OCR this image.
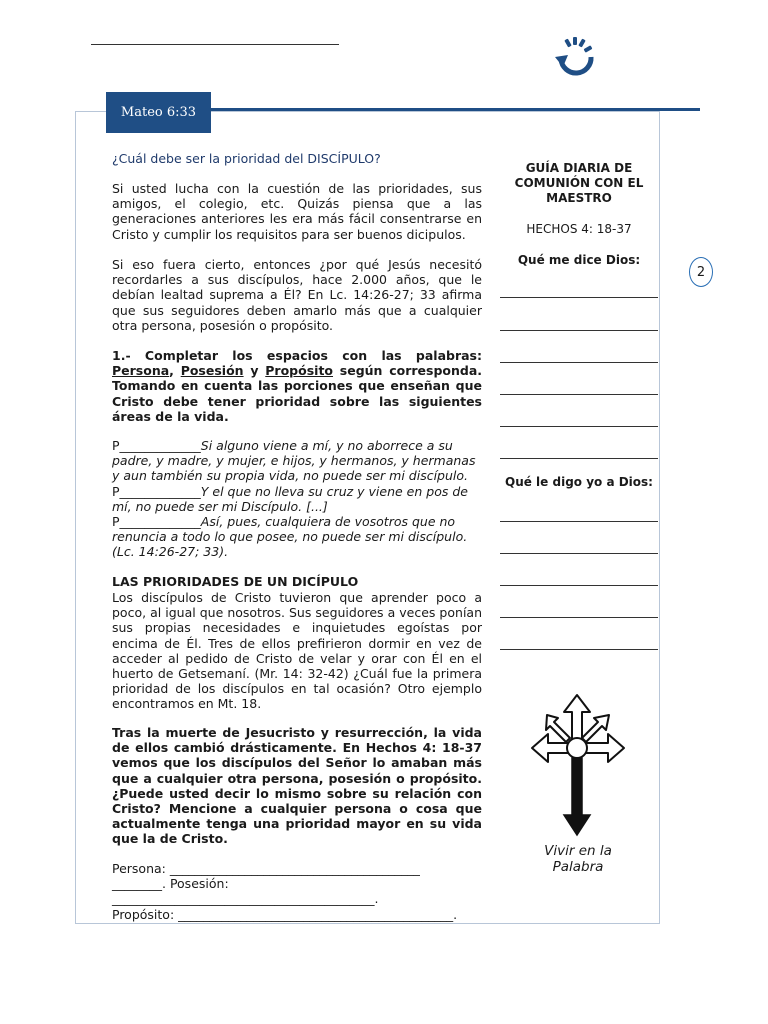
Mateo 6:33
¿Cuál debe ser la prioridad del DISCÍPULO?
Si usted lucha con la cuestión de las prioridades, sus amigos, el colegio, etc. Quizás piensa que a las generaciones anteriores les era más fácil consentrarse en Cristo y cumplir los requisitos para ser buenos dicipulos.
Si eso fuera cierto, entonces ¿por qué Jesús necesitó recordarles a sus discípulos, hace 2.000 años, que le debían lealtad suprema a Él? En Lc. 14:26-27; 33 afirma que sus seguidores deben amarlo más que a cualquier otra persona, posesión o propósito.
1.- Completar los espacios con las palabras: Persona, Posesión y Propósito según corresponda. Tomando en cuenta las porciones que enseñan que Cristo debe tener prioridad sobre las siguientes áreas de la vida.
P_____________Si alguno viene a mí, y no aborrece a su padre, y madre, y mujer, e hijos, y hermanos, y hermanas y aun también su propia vida, no puede ser mi discípulo.
P_____________Y el que no lleva su cruz y viene en pos de mí, no puede ser mi Discípulo. [...]
P_____________Así, pues, cualquiera de vosotros que no renuncia a todo lo que posee, no puede ser mi discípulo. (Lc. 14:26-27; 33).
LAS PRIORIDADES DE UN DICÍPULO
Los discípulos de Cristo tuvieron que aprender poco a poco, al igual que nosotros. Sus seguidores a veces ponían sus propias necesidades e inquietudes egoístas por encima de Él. Tres de ellos prefirieron dormir en vez de acceder al pedido de Cristo de velar y orar con Él en el huerto de Getsemaní. (Mr. 14: 32-42) ¿Cuál fue la primera prioridad de los discípulos en tal ocasión? Otro ejemplo encontramos en Mt. 18.
Tras la muerte de Jesucristo y resurrección, la vida de ellos cambió drásticamente. En Hechos 4: 18-37 vemos que los discípulos del Señor lo amaban más que a cualquier otra persona, posesión o propósito. ¿Puede usted decir lo mismo sobre su relación con Cristo? Mencione a cualquier persona o cosa que actualmente tenga una prioridad mayor en su vida que la de Cristo.
Persona: ________________________________________
________. Posesión:
__________________________________________.
Propósito: ____________________________________________.
GUÍA DIARIA DE COMUNIÓN CON EL MAESTRO
HECHOS 4: 18-37
Qué me dice Dios:
Qué le digo yo a Dios:
Vivir en la Palabra
2
